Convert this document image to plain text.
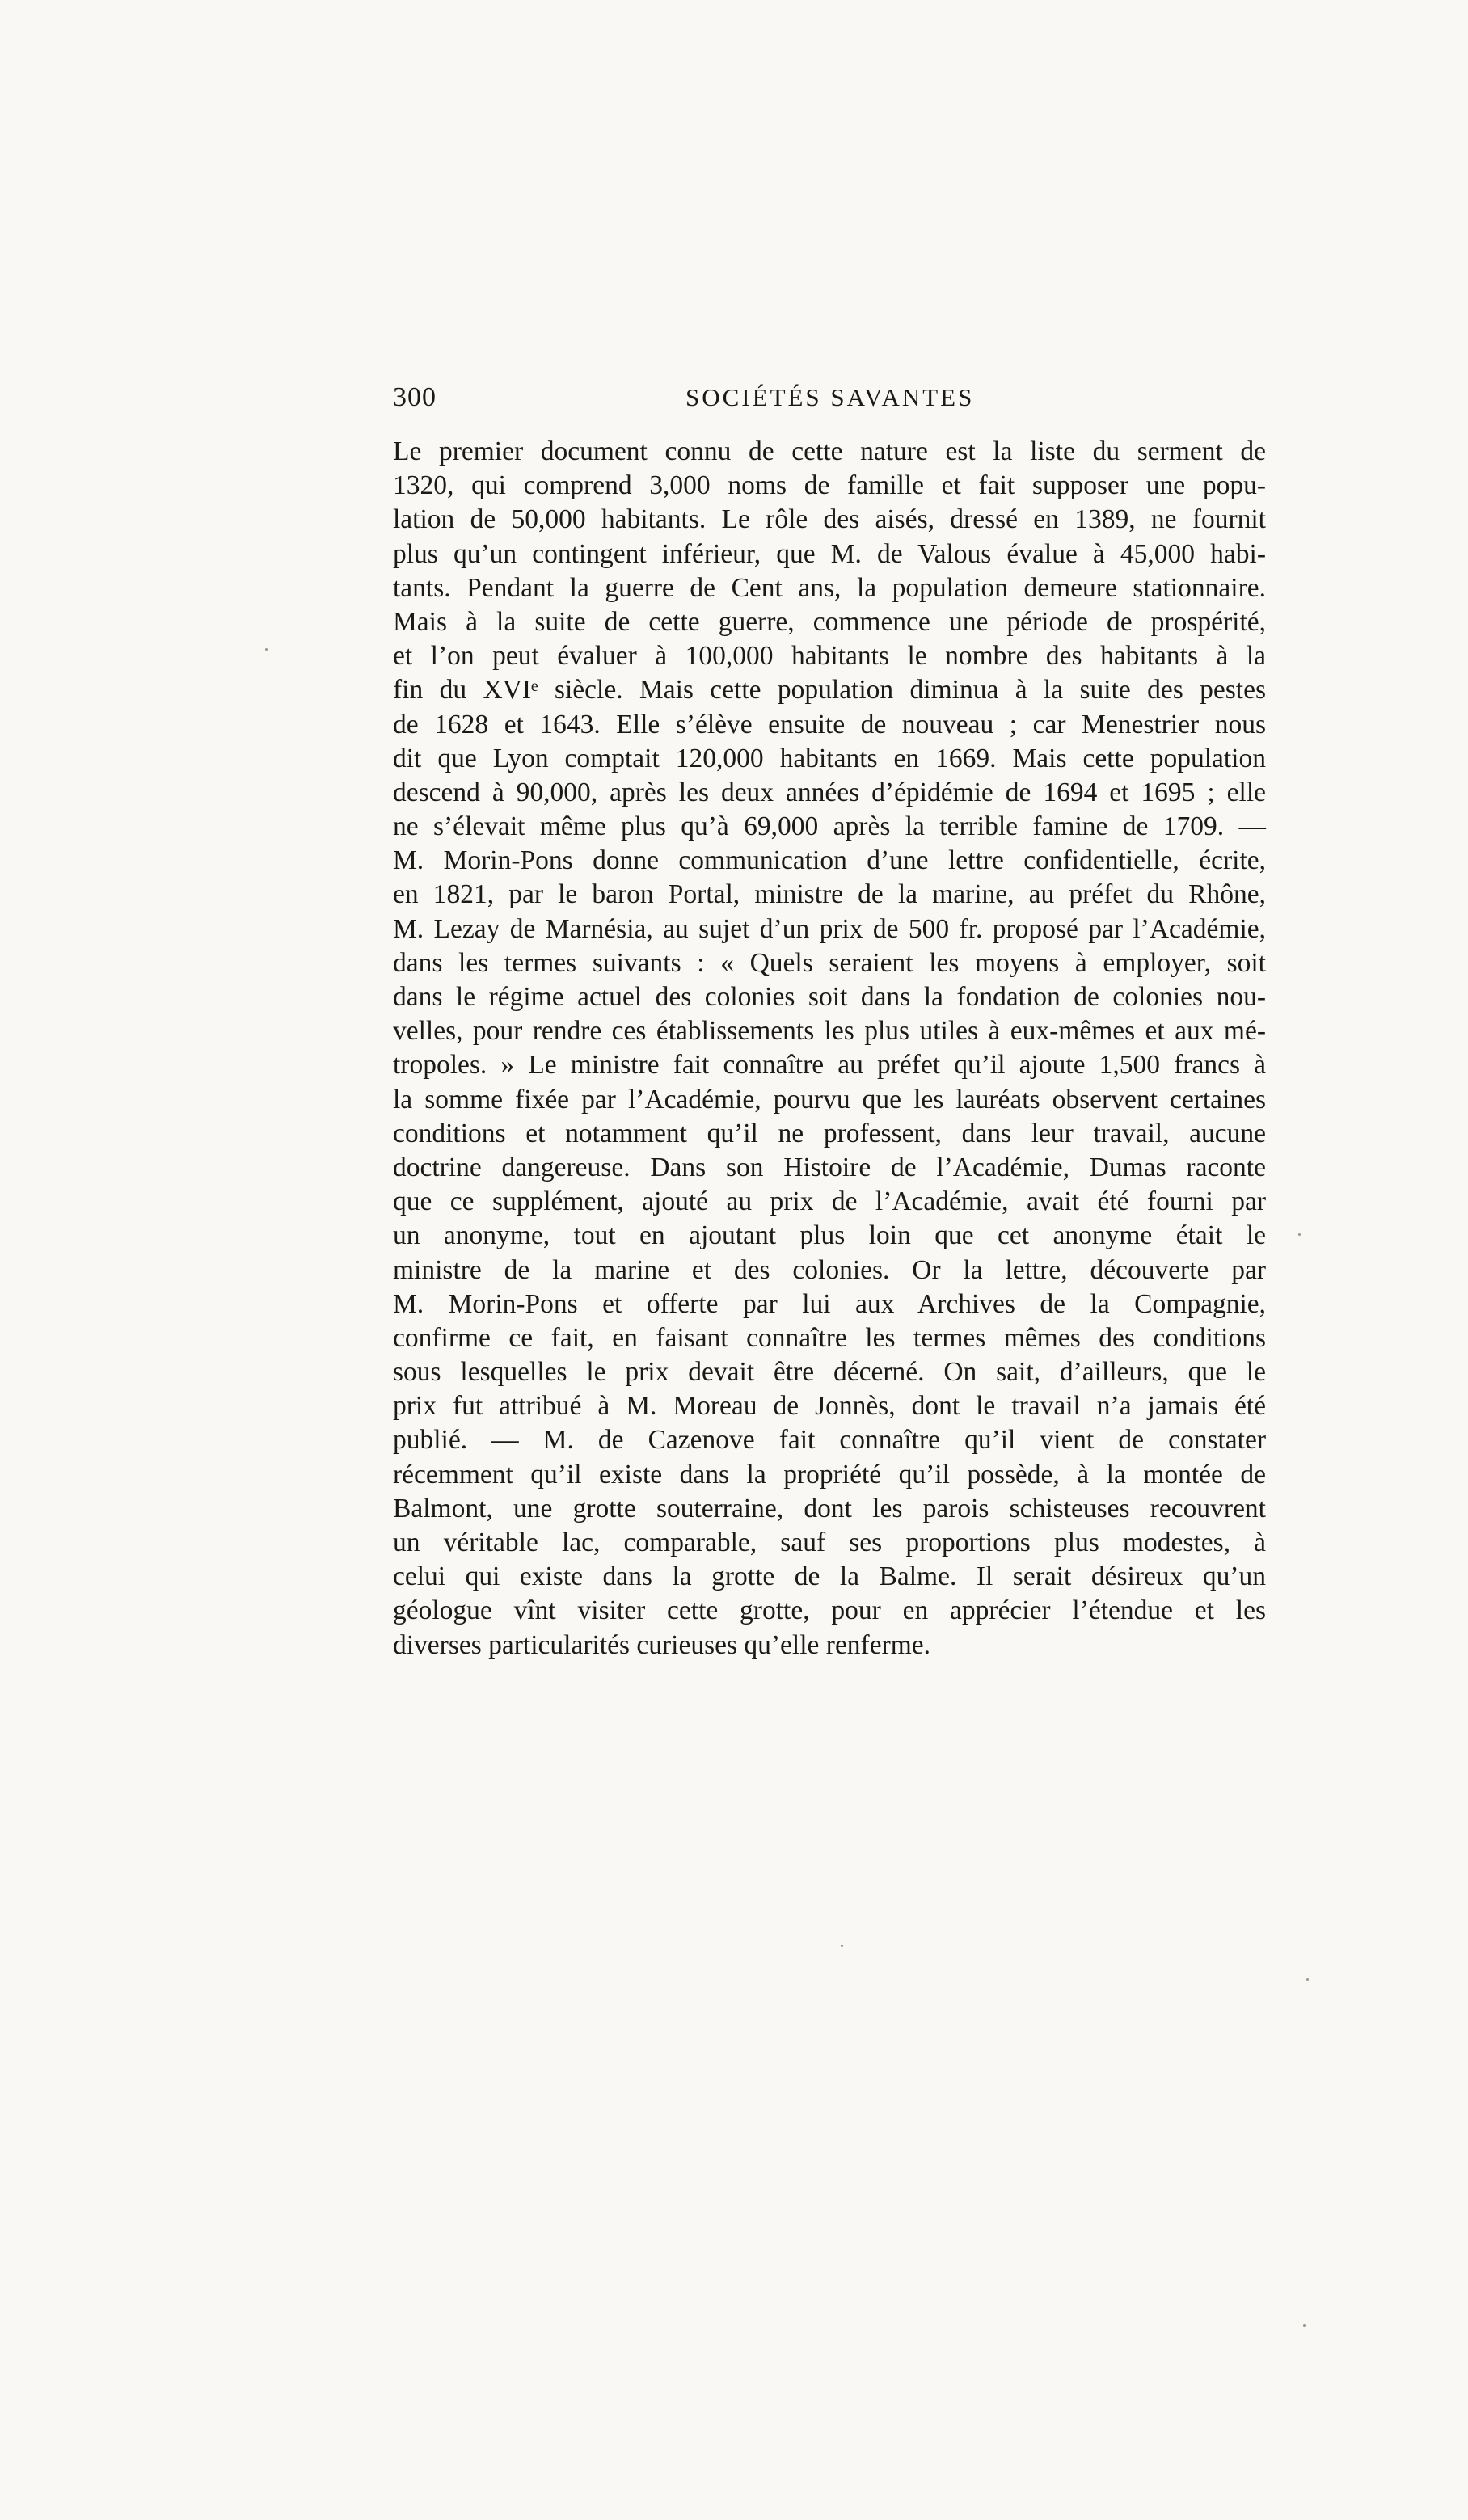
300	SOCIÉTÉS SAVANTES
Le premier document connu de cette nature est la liste du serment de
1320, qui comprend 3,000 noms de famille et fait supposer une popu-
lation de 50,000 habitants. Le rôle des aisés, dressé en 1389, ne fournit
plus qu’un contingent inférieur, que M. de Valous évalue à 45,000 habi-
tants. Pendant la guerre de Cent ans, la population demeure stationnaire.
Mais à la suite de cette guerre, commence une période de prospérité,
et l’on peut évaluer à 100,000 habitants le nombre des habitants à la
fin du XVIᵉ siècle. Mais cette population diminua à la suite des pestes
de 1628 et 1643. Elle s’élève ensuite de nouveau ; car Menestrier nous
dit que Lyon comptait 120,000 habitants en 1669. Mais cette population
descend à 90,000, après les deux années d’épidémie de 1694 et 1695 ; elle
ne s’élevait même plus qu’à 69,000 après la terrible famine de 1709. —
M. Morin-Pons donne communication d’une lettre confidentielle, écrite,
en 1821, par le baron Portal, ministre de la marine, au préfet du Rhône,
M. Lezay de Marnésia, au sujet d’un prix de 500 fr. proposé par l’Académie,
dans les termes suivants : « Quels seraient les moyens à employer, soit
dans le régime actuel des colonies soit dans la fondation de colonies nou-
velles, pour rendre ces établissements les plus utiles à eux-mêmes et aux mé-
tropoles. » Le ministre fait connaître au préfet qu’il ajoute 1,500 francs à
la somme fixée par l’Académie, pourvu que les lauréats observent certaines
conditions et notamment qu’il ne professent, dans leur travail, aucune
doctrine dangereuse. Dans son Histoire de l’Académie, Dumas raconte
que ce supplément, ajouté au prix de l’Académie, avait été fourni par
un anonyme, tout en ajoutant plus loin que cet anonyme était le
ministre de la marine et des colonies. Or la lettre, découverte par
M. Morin-Pons et offerte par lui aux Archives de la Compagnie,
confirme ce fait, en faisant connaître les termes mêmes des conditions
sous lesquelles le prix devait être décerné. On sait, d’ailleurs, que le
prix fut attribué à M. Moreau de Jonnès, dont le travail n’a jamais été
publié. — M. de Cazenove fait connaître qu’il vient de constater
récemment qu’il existe dans la propriété qu’il possède, à la montée de
Balmont, une grotte souterraine, dont les parois schisteuses recouvrent
un véritable lac, comparable, sauf ses proportions plus modestes, à
celui qui existe dans la grotte de la Balme. Il serait désireux qu’un
géologue vînt visiter cette grotte, pour en apprécier l’étendue et les
diverses particularités curieuses qu’elle renferme.
